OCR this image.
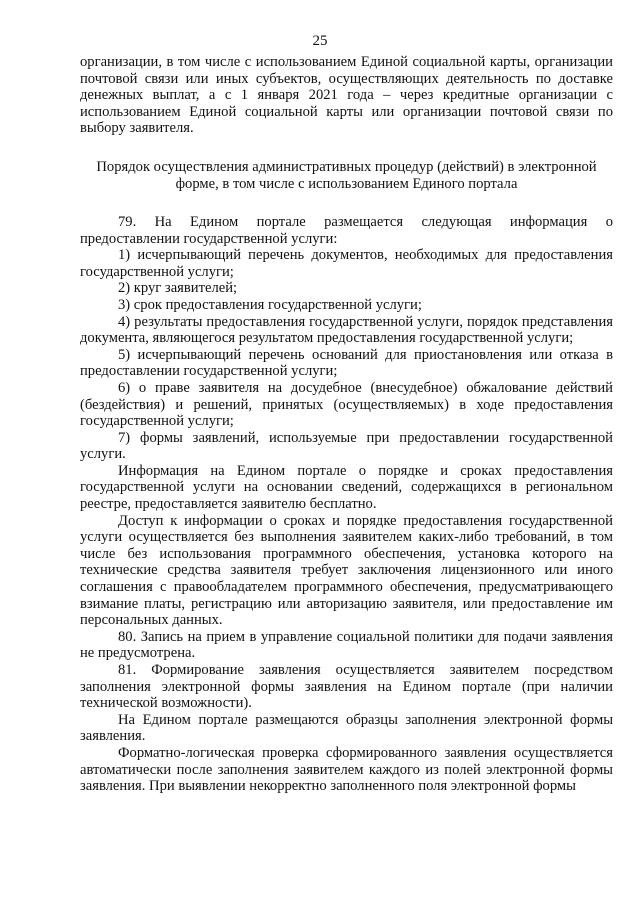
25

организации, в том числе с использованием Единой социальной карты, организации почтовой связи или иных субъектов, осуществляющих деятельность по доставке денежных выплат, а с 1 января 2021 года – через кредитные организации с использованием Единой социальной карты или организации почтовой связи по выбору заявителя.

Порядок осуществления административных процедур (действий) в электронной
форме, в том числе с использованием Единого портала

79. На Едином портале размещается следующая информация о предоставлении государственной услуги:

1) исчерпывающий перечень документов, необходимых для предоставления государственной услуги;

2) круг заявителей;

3) срок предоставления государственной услуги;

4) результаты предоставления государственной услуги, порядок представления документа, являющегося результатом предоставления государственной услуги;

5) исчерпывающий перечень оснований для приостановления или отказа в предоставлении государственной услуги;

6) о праве заявителя на досудебное (внесудебное) обжалование действий (бездействия) и решений, принятых (осуществляемых) в ходе предоставления государственной услуги;

7) формы заявлений, используемые при предоставлении государственной услуги.

Информация на Едином портале о порядке и сроках предоставления государственной услуги на основании сведений, содержащихся в региональном реестре, предоставляется заявителю бесплатно.

Доступ к информации о сроках и порядке предоставления государственной услуги осуществляется без выполнения заявителем каких-либо требований, в том числе без использования программного обеспечения, установка которого на технические средства заявителя требует заключения лицензионного или иного соглашения с правообладателем программного обеспечения, предусматривающего взимание платы, регистрацию или авторизацию заявителя, или предоставление им персональных данных.

80. Запись на прием в управление социальной политики для подачи заявления не предусмотрена.

81. Формирование заявления осуществляется заявителем посредством заполнения электронной формы заявления на Едином портале (при наличии технической возможности).

На Едином портале размещаются образцы заполнения электронной формы заявления.

Форматно-логическая проверка сформированного заявления осуществляется автоматически после заполнения заявителем каждого из полей электронной формы заявления. При выявлении некорректно заполненного поля электронной формы
